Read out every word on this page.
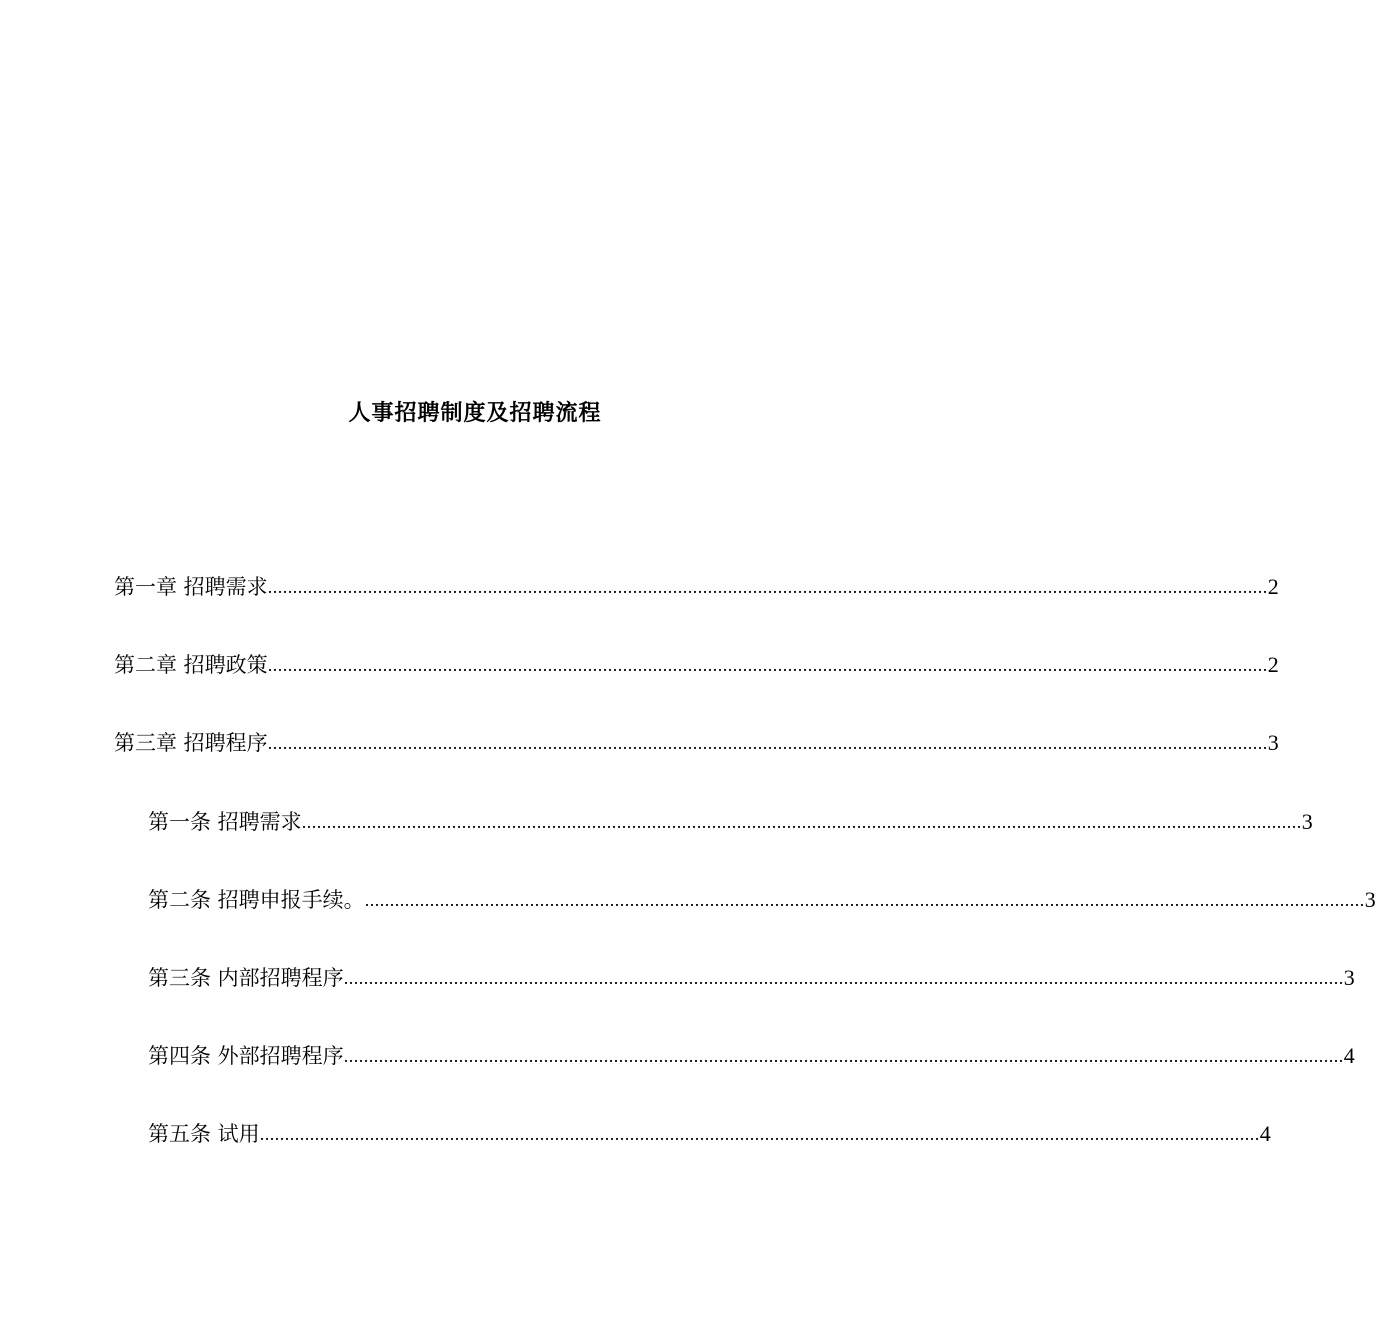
人事招聘制度及招聘流程
第一章 招聘需求 ........................................................................................................................................................................................................ 2
第二章 招聘政策 ........................................................................................................................................................................................................ 2
第三章 招聘程序 ........................................................................................................................................................................................................ 3
第一条 招聘需求 ........................................................................................................................................................................................................ 3
第二条 招聘申报手续。 ........................................................................................................................................................................................................ 3
第三条 内部招聘程序 ........................................................................................................................................................................................................ 3
第四条 外部招聘程序 ........................................................................................................................................................................................................ 4
第五条 试用 ........................................................................................................................................................................................................ 4
